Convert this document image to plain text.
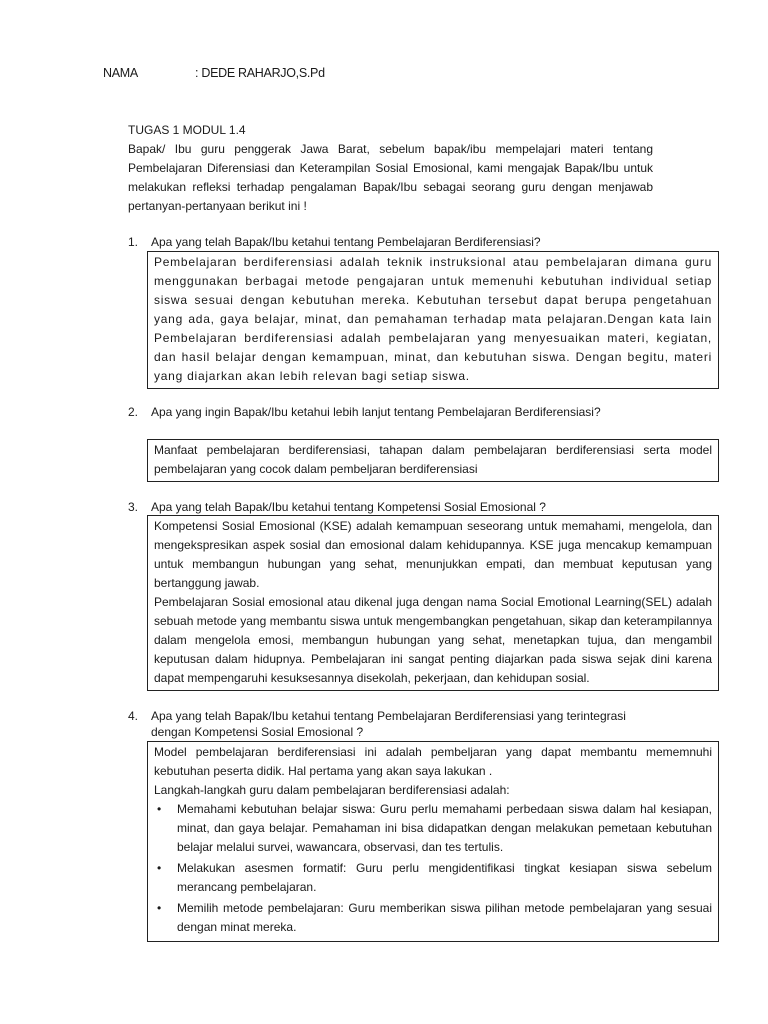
NAMA	: DEDE RAHARJO,S.Pd
TUGAS 1 MODUL 1.4
Bapak/ Ibu guru penggerak Jawa Barat, sebelum bapak/ibu mempelajari materi tentang Pembelajaran Diferensiasi dan Keterampilan Sosial Emosional, kami mengajak Bapak/Ibu untuk melakukan refleksi terhadap pengalaman Bapak/Ibu sebagai seorang guru dengan menjawab pertanyan-pertanyaan berikut ini !
1. Apa yang telah Bapak/Ibu ketahui tentang Pembelajaran Berdiferensiasi?

Pembelajaran berdiferensiasi adalah teknik instruksional atau pembelajaran dimana guru menggunakan berbagai metode pengajaran untuk memenuhi kebutuhan individual setiap siswa sesuai dengan kebutuhan mereka. Kebutuhan tersebut dapat berupa pengetahuan yang ada, gaya belajar, minat, dan pemahaman terhadap mata pelajaran.Dengan kata lain Pembelajaran berdiferensiasi adalah pembelajaran yang menyesuaikan materi, kegiatan, dan hasil belajar dengan kemampuan, minat, dan kebutuhan siswa. Dengan begitu, materi yang diajarkan akan lebih relevan bagi setiap siswa.

2. Apa yang ingin Bapak/Ibu ketahui lebih lanjut tentang Pembelajaran Berdiferensiasi?

Manfaat pembelajaran berdiferensiasi, tahapan dalam pembelajaran berdiferensiasi serta model pembelajaran yang cocok dalam pembeljaran berdiferensiasi

3. Apa yang telah Bapak/Ibu ketahui tentang Kompetensi Sosial Emosional ?

Kompetensi Sosial Emosional (KSE) adalah kemampuan seseorang untuk memahami, mengelola, dan mengekspresikan aspek sosial dan emosional dalam kehidupannya. KSE juga mencakup kemampuan untuk membangun hubungan yang sehat, menunjukkan empati, dan membuat keputusan yang bertanggung jawab.

Pembelajaran Sosial emosional atau dikenal juga dengan nama Social Emotional Learning(SEL) adalah sebuah metode yang membantu siswa untuk mengembangkan pengetahuan, sikap dan keterampilannya dalam mengelola emosi, membangun hubungan yang sehat, menetapkan tujua, dan mengambil keputusan dalam hidupnya. Pembelajaran ini sangat penting diajarkan pada siswa sejak dini karena dapat mempengaruhi kesuksesannya disekolah, pekerjaan, dan kehidupan sosial.

4. Apa yang telah Bapak/Ibu ketahui tentang Pembelajaran Berdiferensiasi yang terintegrasi
dengan Kompetensi Sosial Emosional ?

Model pembelajaran berdiferensiasi ini adalah pembeljaran yang dapat membantu mememnuhi kebutuhan peserta didik. Hal pertama yang akan saya lakukan .

Langkah-langkah guru dalam pembelajaran berdiferensiasi adalah:

• Memahami kebutuhan belajar siswa: Guru perlu memahami perbedaan siswa dalam hal kesiapan, minat, dan gaya belajar. Pemahaman ini bisa didapatkan dengan melakukan pemetaan kebutuhan belajar melalui survei, wawancara, observasi, dan tes tertulis.
• Melakukan asesmen formatif: Guru perlu mengidentifikasi tingkat kesiapan siswa sebelum merancang pembelajaran.
• Memilih metode pembelajaran: Guru memberikan siswa pilihan metode pembelajaran yang sesuai dengan minat mereka.
